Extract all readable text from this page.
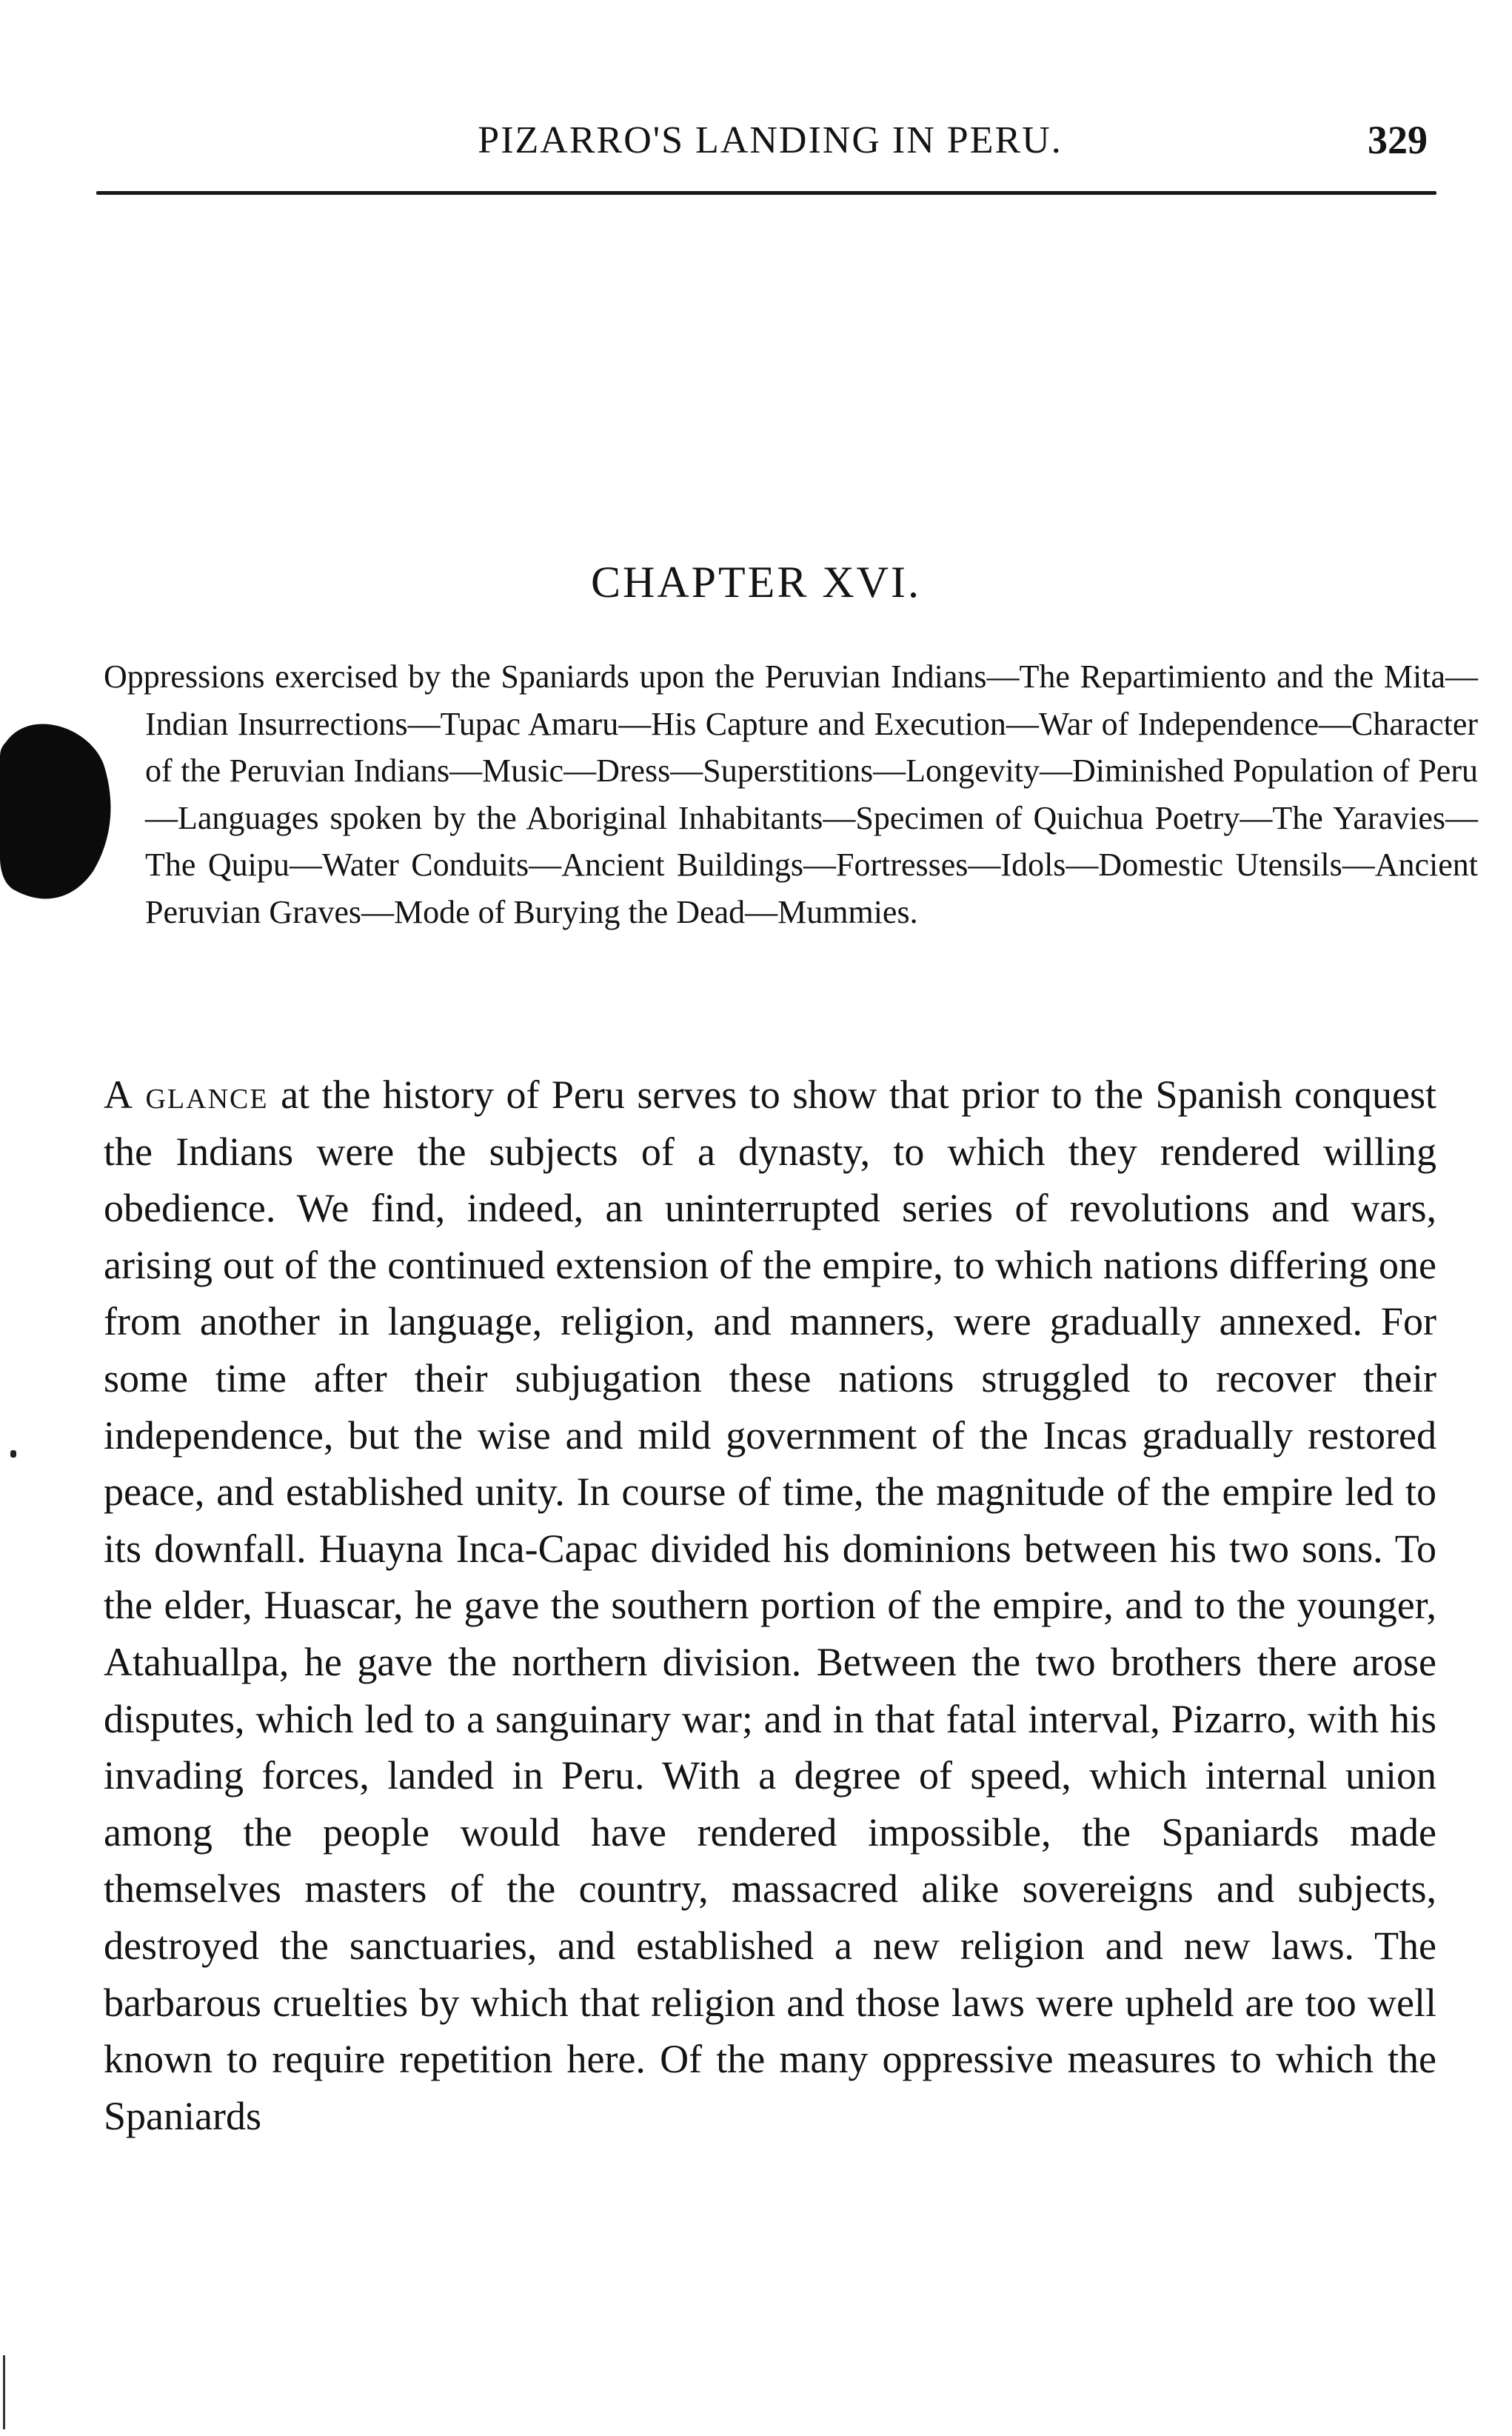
PIZARRO'S LANDING IN PERU.	329
CHAPTER XVI.

Oppressions exercised by the Spaniards upon the Peruvian Indians—The Repartimiento and the Mita—Indian Insurrections—Tupac Amaru—His Capture and Execution—War of Independence—Character of the Peruvian Indians—Music—Dress—Superstitions—Longevity—Diminished Population of Peru—Languages spoken by the Aboriginal Inhabitants—Specimen of Quichua Poetry—The Yaravies—The Quipu—Water Conduits—Ancient Buildings—Fortresses—Idols—Domestic Utensils—Ancient Peruvian Graves—Mode of Burying the Dead—Mummies.

A glance at the history of Peru serves to show that prior to the Spanish conquest the Indians were the subjects of a dynasty, to which they rendered willing obedience. We find, indeed, an uninterrupted series of revolutions and wars, arising out of the continued extension of the empire, to which nations differing one from another in language, religion, and manners, were gradually annexed. For some time after their subjugation these nations struggled to recover their independence, but the wise and mild government of the Incas gradually restored peace, and established unity. In course of time, the magnitude of the empire led to its downfall. Huayna Inca-Capac divided his dominions between his two sons. To the elder, Huascar, he gave the southern portion of the empire, and to the younger, Atahuallpa, he gave the northern division. Between the two brothers there arose disputes, which led to a sanguinary war; and in that fatal interval, Pizarro, with his invading forces, landed in Peru. With a degree of speed, which internal union among the people would have rendered impossible, the Spaniards made themselves masters of the country, massacred alike sovereigns and subjects, destroyed the sanctuaries, and established a new religion and new laws. The barbarous cruelties by which that religion and those laws were upheld are too well known to require repetition here. Of the many oppressive measures to which the Spaniards
